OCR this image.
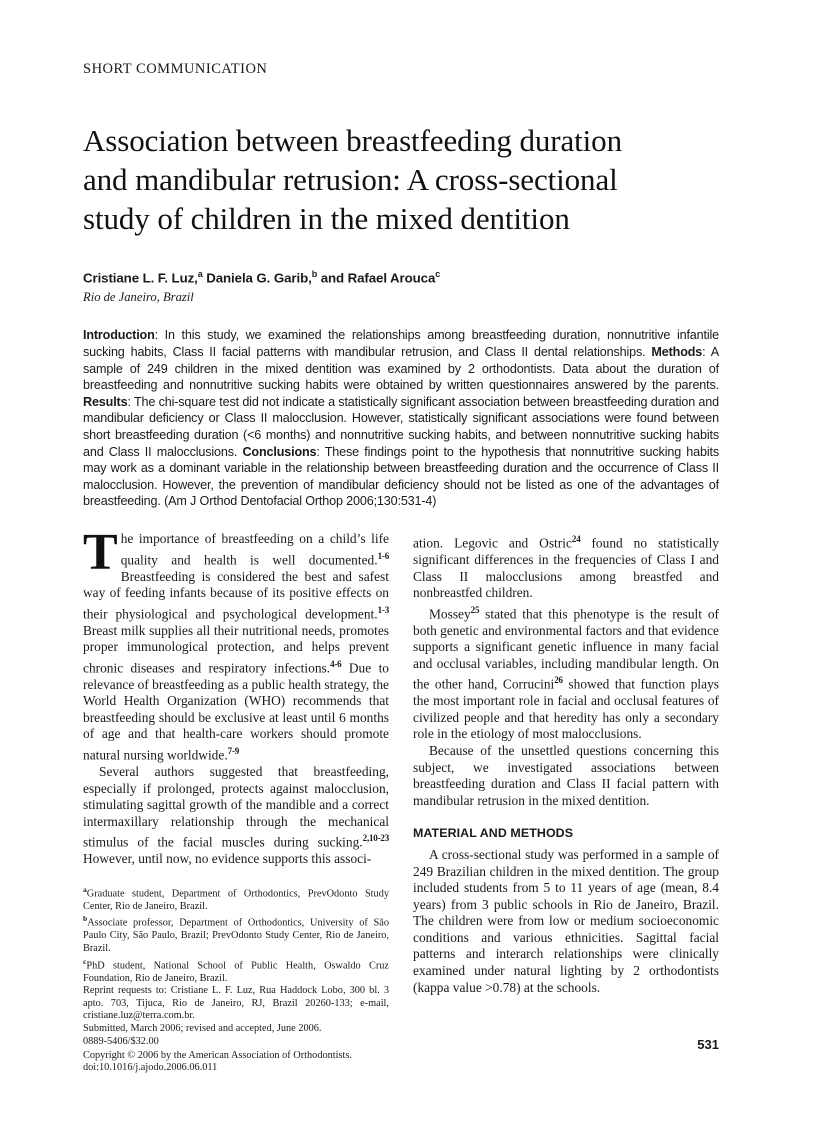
SHORT COMMUNICATION
Association between breastfeeding duration
and mandibular retrusion: A cross-sectional
study of children in the mixed dentition
Cristiane L. F. Luz,$^a$ Daniela G. Garib,$^b$ and Rafael Arouca$^c$
Rio de Janeiro, Brazil
Introduction: In this study, we examined the relationships among breastfeeding duration, nonnutritive infantile sucking habits, Class II facial patterns with mandibular retrusion, and Class II dental relationships. Methods: A sample of 249 children in the mixed dentition was examined by 2 orthodontists. Data about the duration of breastfeeding and nonnutritive sucking habits were obtained by written questionnaires answered by the parents. Results: The chi-square test did not indicate a statistically significant association between breastfeeding duration and mandibular deficiency or Class II malocclusion. However, statistically significant associations were found between short breastfeeding duration (<6 months) and nonnutritive sucking habits, and between nonnutritive sucking habits and Class II malocclusions. Conclusions: These findings point to the hypothesis that nonnutritive sucking habits may work as a dominant variable in the relationship between breastfeeding duration and the occurrence of Class II malocclusion. However, the prevention of mandibular deficiency should not be listed as one of the advantages of breastfeeding. (Am J Orthod Dentofacial Orthop 2006;130:531-4)

The importance of breastfeeding on a child’s life quality and health is well documented.$^{1-6}$ Breastfeeding is considered the best and safest way of feeding infants because of its positive effects on their physiological and psychological development.$^{1-3}$ Breast milk supplies all their nutritional needs, promotes proper immunological protection, and helps prevent chronic diseases and respiratory infections.$^{4-6}$ Due to relevance of breastfeeding as a public health strategy, the World Health Organization (WHO) recommends that breastfeeding should be exclusive at least until 6 months of age and that health-care workers should promote natural nursing worldwide.$^{7-9}$

Several authors suggested that breastfeeding, especially if prolonged, protects against malocclusion, stimulating sagittal growth of the mandible and a correct intermaxillary relationship through the mechanical stimulus of the facial muscles during sucking.$^{2,10-23}$ However, until now, no evidence supports this associ-

$^a$Graduate student, Department of Orthodontics, PrevOdonto Study Center, Rio de Janeiro, Brazil.

$^b$Associate professor, Department of Orthodontics, University of São Paulo City, São Paulo, Brazil; PrevOdonto Study Center, Rio de Janeiro, Brazil.

$^c$PhD student, National School of Public Health, Oswaldo Cruz Foundation, Rio de Janeiro, Brazil.

Reprint requests to: Cristiane L. F. Luz, Rua Haddock Lobo, 300 bl. 3 apto. 703, Tijuca, Rio de Janeiro, RJ, Brazil 20260-133; e-mail, cristiane.luz@terra.com.br.

Submitted, March 2006; revised and accepted, June 2006.

0889-5406/$32.00

Copyright © 2006 by the American Association of Orthodontists.

doi:10.1016/j.ajodo.2006.06.011

ation. Legovic and Ostric$^{24}$ found no statistically significant differences in the frequencies of Class I and Class II malocclusions among breastfed and nonbreastfed children.

Mossey$^{25}$ stated that this phenotype is the result of both genetic and environmental factors and that evidence supports a significant genetic influence in many facial and occlusal variables, including mandibular length. On the other hand, Corrucini$^{26}$ showed that function plays the most important role in facial and occlusal features of civilized people and that heredity has only a secondary role in the etiology of most malocclusions.

Because of the unsettled questions concerning this subject, we investigated associations between breastfeeding duration and Class II facial pattern with mandibular retrusion in the mixed dentition.

MATERIAL AND METHODS

A cross-sectional study was performed in a sample of 249 Brazilian children in the mixed dentition. The group included students from 5 to 11 years of age (mean, 8.4 years) from 3 public schools in Rio de Janeiro, Brazil. The children were from low or medium socioeconomic conditions and various ethnicities. Sagittal facial patterns and interarch relationships were clinically examined under natural lighting by 2 orthodontists (kappa value >0.78) at the schools.

531
